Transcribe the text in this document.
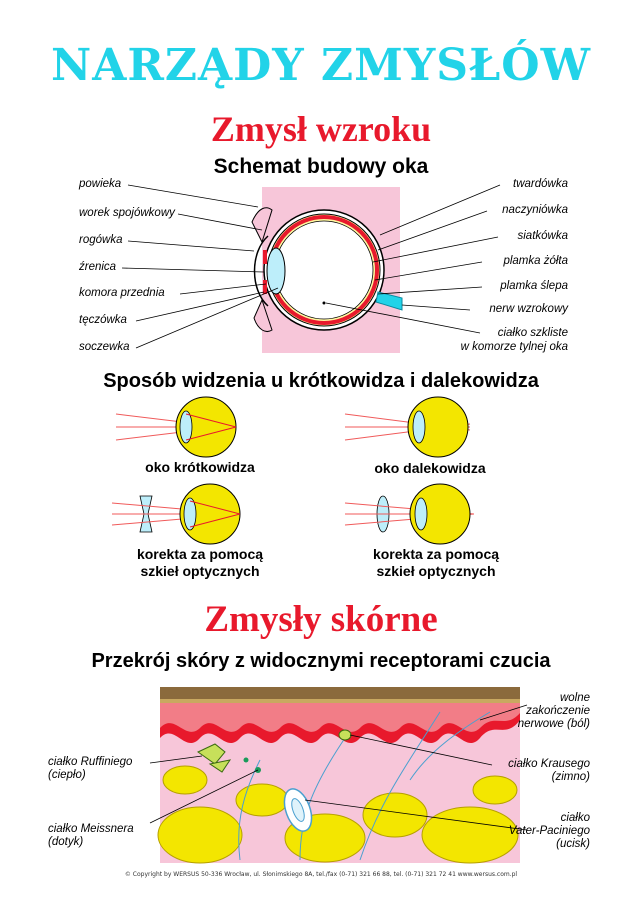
NARZĄDY ZMYSŁÓW
Zmysł wzroku
Schemat budowy oka
Sposób widzenia u krótkowidza i dalekowidza
Zmysły skórne
Przekrój skóry z widocznymi receptorami czucia
powieka
worek spojówkowy
rogówka
źrenica
komora przednia
tęczówka
soczewka
twardówka
naczyniówka
siatkówka
plamka żółta
plamka ślepa
nerw wzrokowy
ciałko szkliste
w komorze tylnej oka
oko krótkowidza	oko dalekowidza
korekta za pomocą
szkieł optycznych
korekta za pomocą
szkieł optycznych
ciałko Ruffiniego
(ciepło)
ciałko Meissnera
(dotyk)
wolne
zakończenie
nerwowe (ból)
ciałko Krausego
(zimno)
ciałko
Vater-Paciniego
(ucisk)
© Copyright by WERSUS 50-336 Wrocław, ul. Słonimskiego 8A, tel./fax (0-71) 321 66 88, tel. (0-71) 321 72 41 www.wersus.com.pl
